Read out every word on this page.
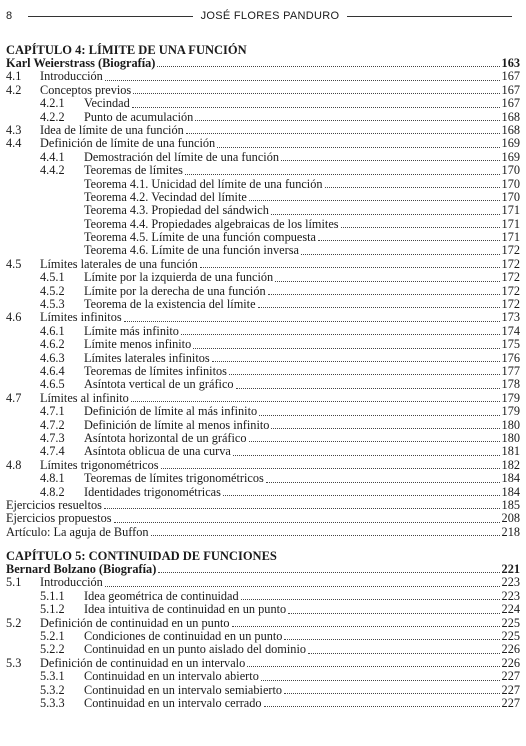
8	JOSÉ FLORES PANDURO
CAPÍTULO 4: LÍMITE DE UNA FUNCIÓN
Karl Weierstrass (Biografía)	163
4.1	Introducción	167
4.2	Conceptos previos	167
4.2.1	Vecindad	167
4.2.2	Punto de acumulación	168
4.3	Idea de límite de una función	168
4.4	Definición de límite de una función	169
4.4.1	Demostración del límite de una función	169
4.4.2	Teoremas de límites	170
Teorema 4.1. Unicidad del límite de una función	170
Teorema 4.2. Vecindad del límite	170
Teorema 4.3. Propiedad del sándwich	171
Teorema 4.4. Propiedades algebraicas de los límites	171
Teorema 4.5. Límite de una función compuesta	171
Teorema 4.6. Límite de una función inversa	172
4.5	Límites laterales de una función	172
4.5.1	Límite por la izquierda de una función	172
4.5.2	Límite por la derecha de una función	172
4.5.3	Teorema de la existencia del límite	172
4.6	Límites infinitos	173
4.6.1	Límite más infinito	174
4.6.2	Límite menos infinito	175
4.6.3	Límites laterales infinitos	176
4.6.4	Teoremas de límites infinitos	177
4.6.5	Asíntota vertical de un gráfico	178
4.7	Límites al infinito	179
4.7.1	Definición de límite al más infinito	179
4.7.2	Definición de límite al menos infinito	180
4.7.3	Asíntota horizontal de un gráfico	180
4.7.4	Asíntota oblicua de una curva	181
4.8	Límites trigonométricos	182
4.8.1	Teoremas de límites trigonométricos	184
4.8.2	Identidades trigonométricas	184
Ejercicios resueltos	185
Ejercicios propuestos	208
Artículo: La aguja de Buffon	218
CAPÍTULO 5: CONTINUIDAD DE FUNCIONES
Bernard Bolzano (Biografía)	221
5.1	Introducción	223
5.1.1	Idea geométrica de continuidad	223
5.1.2	Idea intuitiva de continuidad en un punto	224
5.2	Definición de continuidad en un punto	225
5.2.1	Condiciones de continuidad en un punto	225
5.2.2	Continuidad en un punto aislado del dominio	226
5.3	Definición de continuidad en un intervalo	226
5.3.1	Continuidad en un intervalo abierto	227
5.3.2	Continuidad en un intervalo semiabierto	227
5.3.3	Continuidad en un intervalo cerrado	227
